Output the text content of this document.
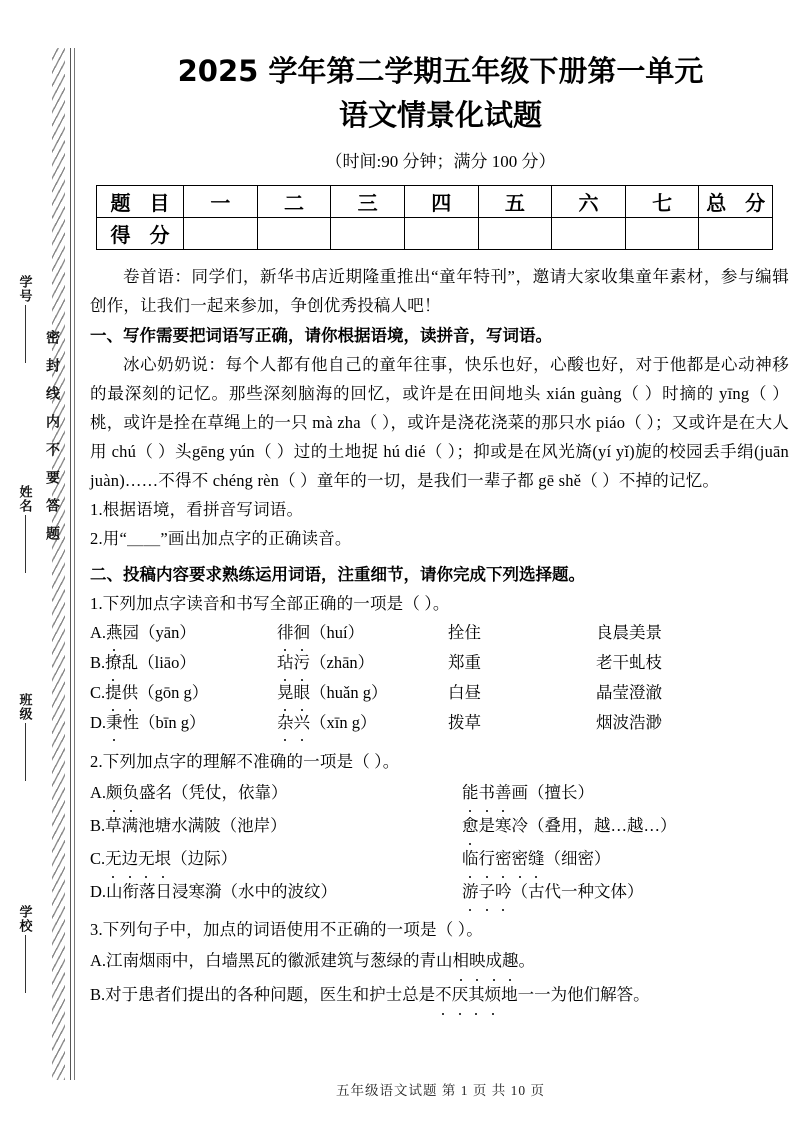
密封线内不要答题
学号
姓名
班级
学校
2025 学年第二学期五年级下册第一单元
语文情景化试题
（时间:90 分钟；满分 100 分）
题 目	一	二	三	四	五	六	七	总 分
得 分								

卷首语：同学们，新华书店近期隆重推出“童年特刊”，邀请大家收集童年素材，参与编辑创作，让我们一起来参加，争创优秀投稿人吧！

一、写作需要把词语写正确，请你根据语境，读拼音，写词语。

冰心奶奶说：每个人都有他自己的童年往事，快乐也好，心酸也好，对于他都是心动神移的最深刻的记忆。那些深刻脑海的回忆，或许是在田间地头 xián guàng（ ）时摘的 yīng（ ）桃，或许是拴在草绳上的一只 mà zha（ ），或许是浇花浇菜的那只水 piáo（ ）；又或许是在大人用 chú（ ）头gēng yún（ ）过的土地捉 hú dié（ ）；抑或是在风光旖(yí yǐ)旎的校园丢手绢(juān juàn)……不得不 chéng rèn（ ）童年的一切，是我们一辈子都 gē shě（ ）不掉的记忆。

1.根据语境，看拼音写词语。
2.用“＿＿”画出加点字的正确读音。
二、投稿内容要求熟练运用词语，注重细节，请你完成下列选择题。
1.下列加点字读音和书写全部正确的一项是（ ）。
A.燕园（yān）	徘徊（huí）	拴住	良晨美景
B.撩乱（liāo）	玷污（zhān）	郑重	老干虬枝
C.提供（gōn g）	晃眼（huǎn g）	白昼	晶莹澄澈
D.秉性（bīn g）	杂兴（xīn g）	拨草	烟波浩渺
2.下列加点字的理解不准确的一项是（ ）。
A.颇负盛名（凭仗，依靠）	能书善画（擅长）
B.草满池塘水满陂（池岸）	愈是寒冷（叠用，越…越…）
C.无边无垠（边际）	临行密密缝（细密）
D.山衔落日浸寒漪（水中的波纹）	游子吟（古代一种文体）
3.下列句子中，加点的词语使用不正确的一项是（ ）。
A.江南烟雨中，白墙黑瓦的徽派建筑与葱绿的青山相映成趣。
B.对于患者们提出的各种问题，医生和护士总是不厌其烦地一一为他们解答。
五年级语文试题 第 1 页 共 10 页
